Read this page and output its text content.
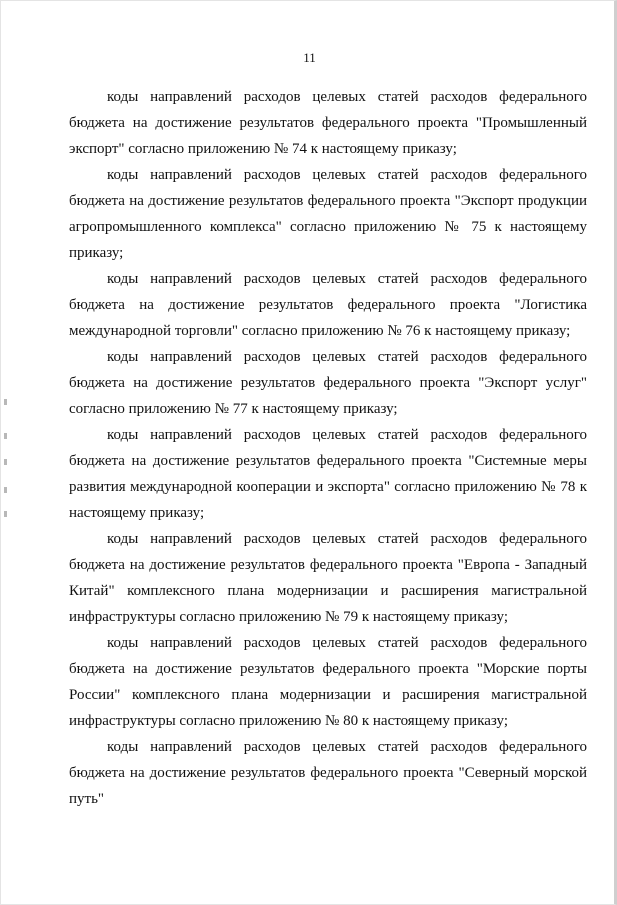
11

коды направлений расходов целевых статей расходов федерального бюджета на достижение результатов федерального проекта "Промышленный экспорт" согласно приложению № 74 к настоящему приказу;

коды направлений расходов целевых статей расходов федерального бюджета на достижение результатов федерального проекта "Экспорт продукции агропромышленного комплекса" согласно приложению № 75 к настоящему приказу;

коды направлений расходов целевых статей расходов федерального бюджета на достижение результатов федерального проекта "Логистика международной торговли" согласно приложению № 76 к настоящему приказу;

коды направлений расходов целевых статей расходов федерального бюджета на достижение результатов федерального проекта "Экспорт услуг" согласно приложению № 77 к настоящему приказу;

коды направлений расходов целевых статей расходов федерального бюджета на достижение результатов федерального проекта "Системные меры развития международной кооперации и экспорта" согласно приложению № 78 к настоящему приказу;

коды направлений расходов целевых статей расходов федерального бюджета на достижение результатов федерального проекта "Европа - Западный Китай" комплексного плана модернизации и расширения магистральной инфраструктуры согласно приложению № 79 к настоящему приказу;

коды направлений расходов целевых статей расходов федерального бюджета на достижение результатов федерального проекта "Морские порты России" комплексного плана модернизации и расширения магистральной инфраструктуры согласно приложению № 80 к настоящему приказу;

коды направлений расходов целевых статей расходов федерального бюджета на достижение результатов федерального проекта "Северный морской путь"
